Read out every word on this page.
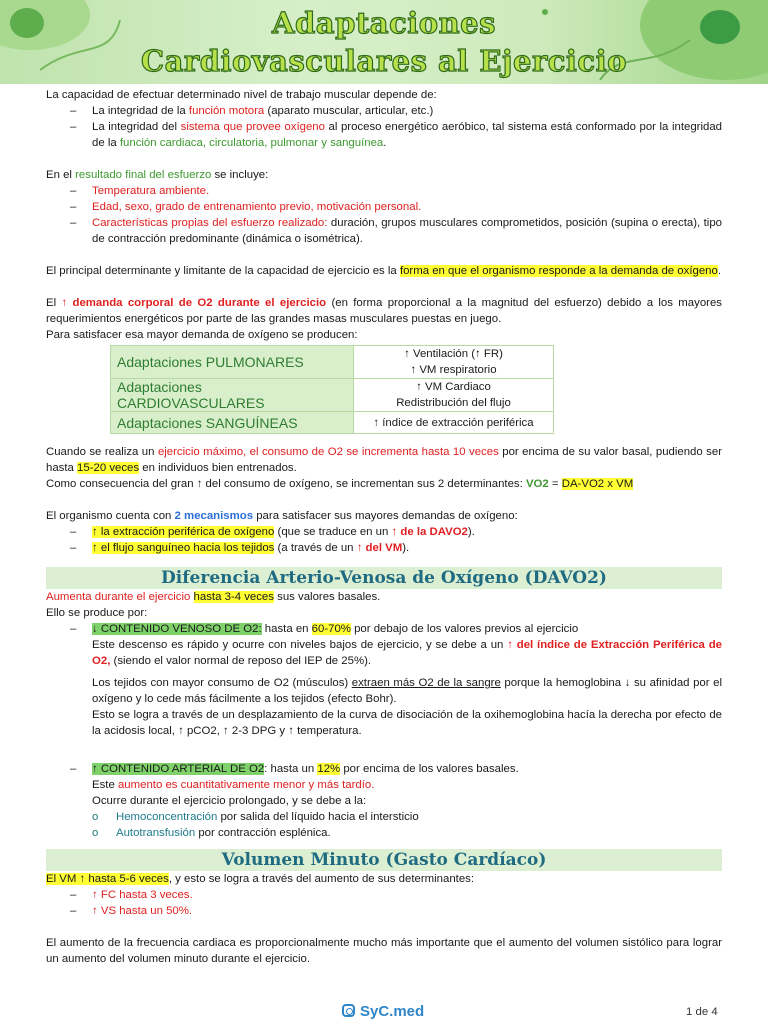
Adaptaciones
Cardiovasculares al Ejercicio

La capacidad de efectuar determinado nivel de trabajo muscular depende de:

–	La integridad de la función motora (aparato muscular, articular, etc.)
–	La integridad del sistema que provee oxígeno al proceso energético aeróbico, tal sistema está conformado por la integridad de la función cardiaca, circulatoria, pulmonar y sanguínea.

En el resultado final del esfuerzo se incluye:

–	Temperatura ambiente.
–	Edad, sexo, grado de entrenamiento previo, motivación personal.
–	Características propias del esfuerzo realizado: duración, grupos musculares comprometidos, posición (supina o erecta), tipo de contracción predominante (dinámica o isométrica).

El principal determinante y limitante de la capacidad de ejercicio es la forma en que el organismo responde a la demanda de oxígeno.

El ↑ demanda corporal de O2 durante el ejercicio (en forma proporcional a la magnitud del esfuerzo) debido a los mayores requerimientos energéticos por parte de las grandes masas musculares puestas en juego.

Para satisfacer esa mayor demanda de oxígeno se producen:

Adaptaciones PULMONARES	↑ Ventilación (↑ FR)
↑ VM respiratorio

Adaptaciones CARDIOVASCULARES	↑ VM Cardiaco
Redistribución del flujo

Adaptaciones SANGUÍNEAS	↑ índice de extracción periférica

Cuando se realiza un ejercicio máximo, el consumo de O2 se incrementa hasta 10 veces por encima de su valor basal, pudiendo ser hasta 15-20 veces en individuos bien entrenados.

Como consecuencia del gran ↑ del consumo de oxígeno, se incrementan sus 2 determinantes: VO2 = DA-VO2 x VM

El organismo cuenta con 2 mecanismos para satisfacer sus mayores demandas de oxígeno:

–	↑ la extracción periférica de oxígeno (que se traduce en un ↑ de la DAVO2).
–	↑ el flujo sanguíneo hacia los tejidos (a través de un ↑ del VM).
Diferencia Arterio-Venosa de Oxígeno (DAVO2)

Aumenta durante el ejercicio hasta 3-4 veces sus valores basales.

Ello se produce por:

–	↓ CONTENIDO VENOSO DE O2: hasta en 60-70% por debajo de los valores previos al ejercicio

Este descenso es rápido y ocurre con niveles bajos de ejercicio, y se debe a un ↑ del índice de Extracción Periférica de O2, (siendo el valor normal de reposo del IEP de 25%).

Los tejidos con mayor consumo de O2 (músculos) extraen más O2 de la sangre porque la hemoglobina ↓ su afinidad por el oxígeno y lo cede más fácilmente a los tejidos (efecto Bohr).

Esto se logra a través de un desplazamiento de la curva de disociación de la oxihemoglobina hacía la derecha por efecto de la acidosis local, ↑ pCO2, ↑ 2-3 DPG y ↑ temperatura.

–	↑ CONTENIDO ARTERIAL DE O2: hasta un 12% por encima de los valores basales.

Este aumento es cuantitativamente menor y más tardío.

Ocurre durante el ejercicio prolongado, y se debe a la:

o	Hemoconcentración por salida del líquido hacia el intersticio
o	Autotransfusión por contracción esplénica.
Volumen Minuto (Gasto Cardíaco)

El VM ↑ hasta 5-6 veces, y esto se logra a través del aumento de sus determinantes:

–	↑ FC hasta 3 veces.
–	↑ VS hasta un 50%.

El aumento de la frecuencia cardiaca es proporcionalmente mucho más importante que el aumento del volumen sistólico para lograr un aumento del volumen minuto durante el ejercicio.

SyC.med	1 de 4
